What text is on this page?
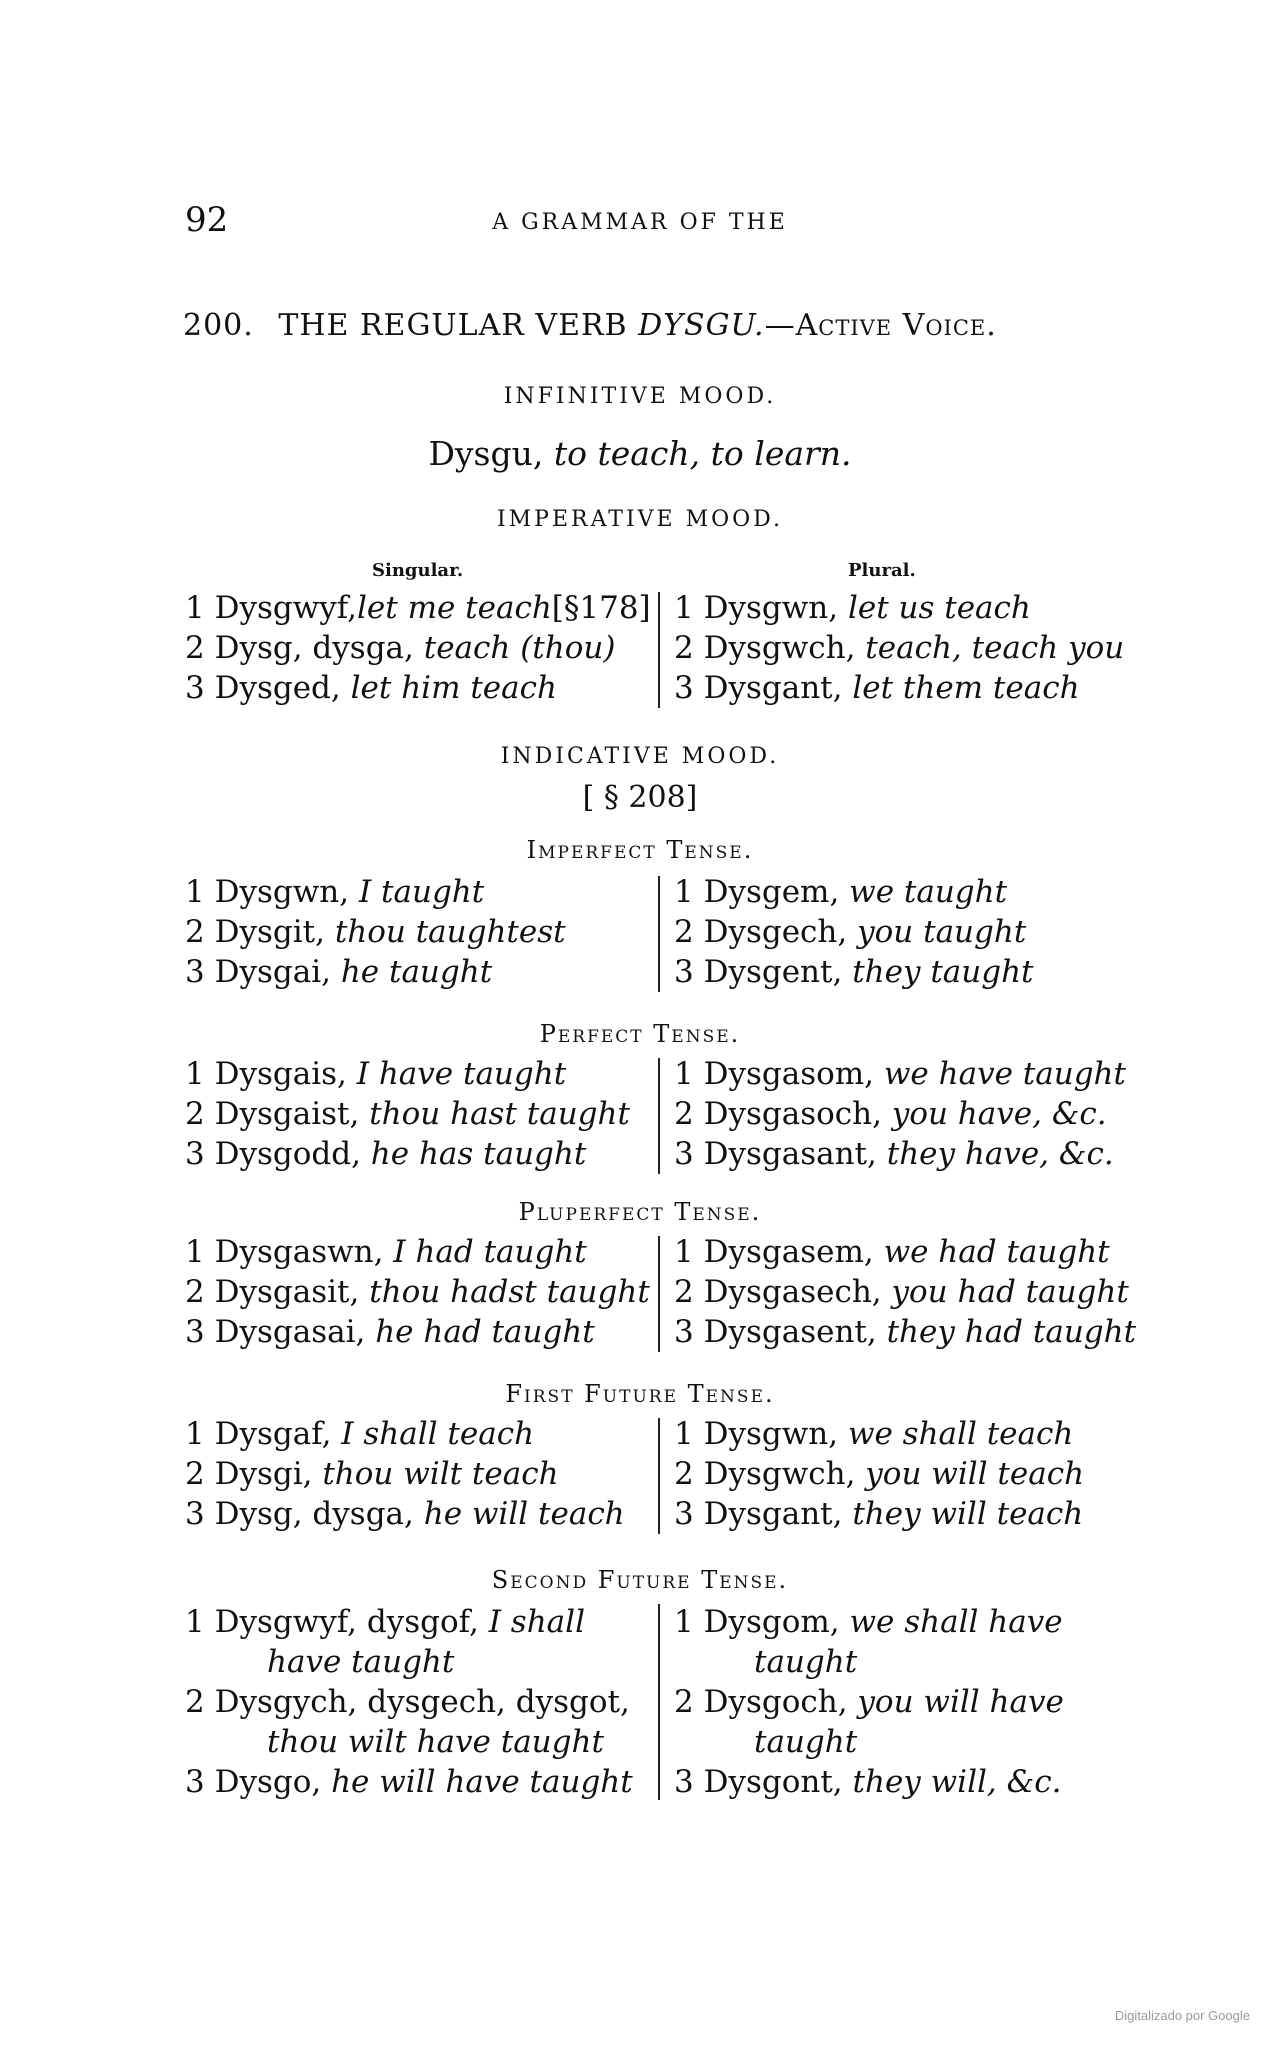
92	A GRAMMAR OF THE
200. THE REGULAR VERB DYSGU.—Active Voice.
INFINITIVE MOOD.
Dysgu, to teach, to learn.
IMPERATIVE MOOD.
Singular.	Plural.
1 Dysgwyf,let me teach[§178]
2 Dysg, dysga, teach (thou)
3 Dysged, let him teach
1 Dysgwn, let us teach
2 Dysgwch, teach, teach you
3 Dysgant, let them teach
INDICATIVE MOOD.
[ § 208]
Imperfect Tense.
1 Dysgwn, I taught
2 Dysgit, thou taughtest
3 Dysgai, he taught
1 Dysgem, we taught
2 Dysgech, you taught
3 Dysgent, they taught
Perfect Tense.
1 Dysgais, I have taught
2 Dysgaist, thou hast taught
3 Dysgodd, he has taught
1 Dysgasom, we have taught
2 Dysgasoch, you have, &c.
3 Dysgasant, they have, &c.
Pluperfect Tense.
1 Dysgaswn, I had taught
2 Dysgasit, thou hadst taught
3 Dysgasai, he had taught
1 Dysgasem, we had taught
2 Dysgasech, you had taught
3 Dysgasent, they had taught
First Future Tense.
1 Dysgaf, I shall teach
2 Dysgi, thou wilt teach
3 Dysg, dysga, he will teach
1 Dysgwn, we shall teach
2 Dysgwch, you will teach
3 Dysgant, they will teach
Second Future Tense.
1 Dysgwyf, dysgof, I shall
have taught
2 Dysgych, dysgech, dysgot,
thou wilt have taught
3 Dysgo, he will have taught
1 Dysgom, we shall have
taught
2 Dysgoch, you will have
taught
3 Dysgont, they will, &c.
Digitalizado por Google
